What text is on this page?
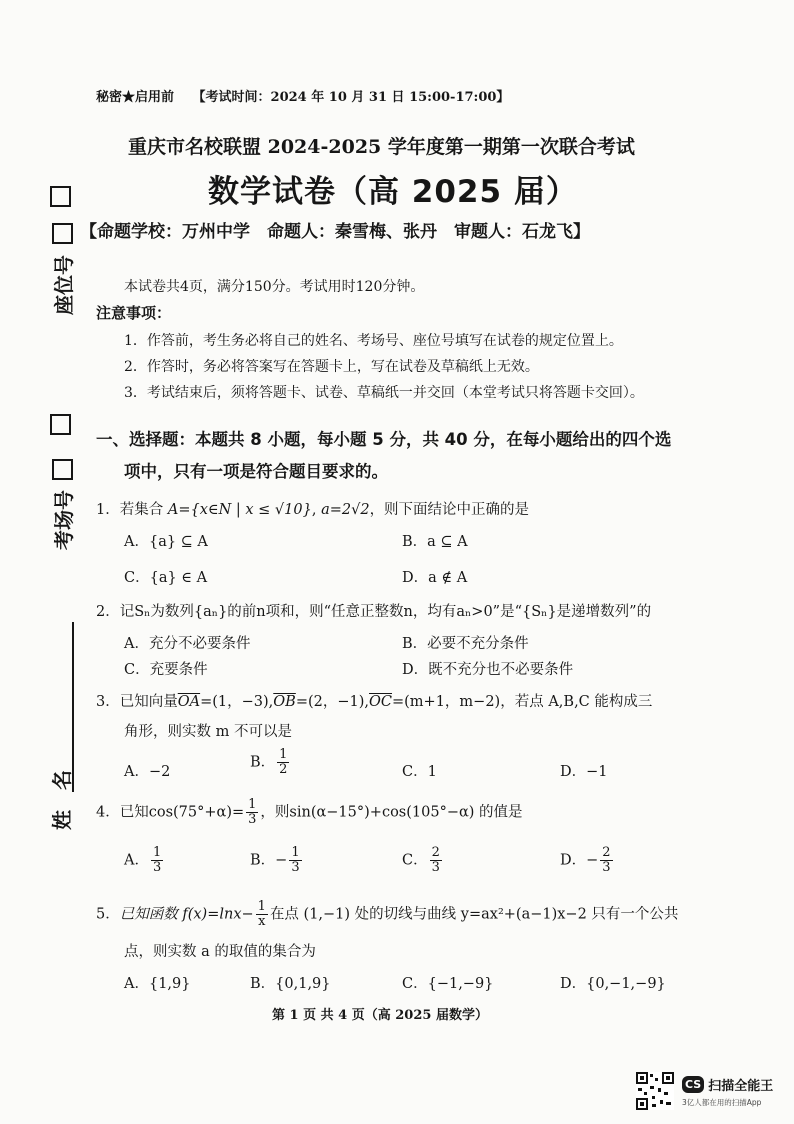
秘密★启用前 【考试时间：2024 年 10 月 31 日 15:00-17:00】
重庆市名校联盟 2024-2025 学年度第一期第一次联合考试
数学试卷（高 2025 届）
【命题学校：万州中学　命题人：秦雪梅、张丹　审题人：石龙飞】
座位号
考场号
姓　名
本试卷共4页，满分150分。考试用时120分钟。
注意事项：
1．作答前，考生务必将自己的姓名、考场号、座位号填写在试卷的规定位置上。
2．作答时，务必将答案写在答题卡上，写在试卷及草稿纸上无效。
3．考试结束后，须将答题卡、试卷、草稿纸一并交回（本堂考试只将答题卡交回）。
一、选择题：本题共 8 小题，每小题 5 分，共 40 分，在每小题给出的四个选
项中，只有一项是符合题目要求的。
1．若集合 A={x∈N | x ≤ √10}, a=2√2，则下面结论中正确的是
A．{a} ⊆ A	B．a ⊆ A
C．{a} ∈ A	D．a ∉ A
2．记Sₙ为数列{aₙ}的前n项和，则“任意正整数n，均有aₙ>0”是“{Sₙ}是递增数列”的
A．充分不必要条件	B．必要不充分条件
C．充要条件	D．既不充分也不必要条件
3．已知向量$\overline{OA}=(1$，$-3),\overline{OB}=(2$，$-1),\overline{OC}=(m+1$，m−2)，若点 A,B,C 能构成三
角形，则实数 m 不可以是
A．−2
B． $\frac{1}{2}$	C．1	D．−1
4．已知$\cos(75^\circ+\alpha)= \frac{1}{3}$ ，则sin(α−15°)+cos(105°−α) 的值是
A． $\frac{1}{3}$	B．− $\frac{1}{3}$	C． $\frac{2}{3}$	D．− $\frac{2}{3}$
5．已知函数 $f(x)=\ln x- \frac{1}{x}$ 在点 (1,−1) 处的切线与曲线 y=ax²+(a−1)x−2 只有一个公共
点，则实数 a 的取值的集合为
A．{1,9}	B．{0,1,9}	C．{−1,−9}	D．{0,−1,−9}
第 1 页 共 4 页（高 2025 届数学）
CS 扫描全能王
3亿人都在用的扫描App
